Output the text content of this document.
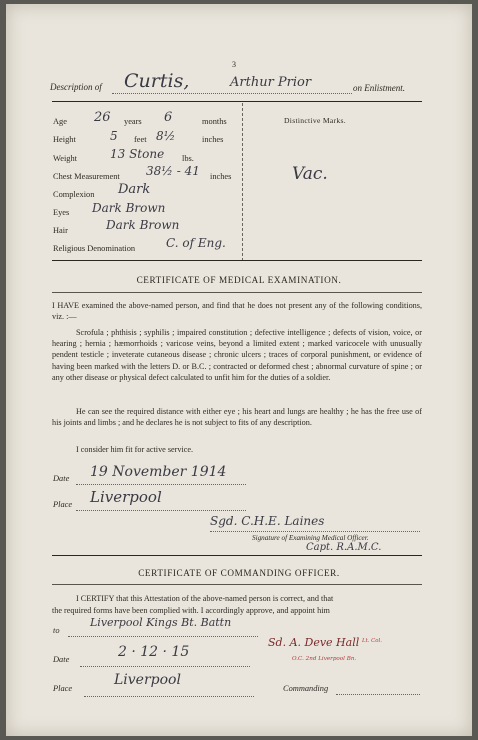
3
Description of Curtis,	Arthur Prior	on Enlistment.
Age 26 years 6	months
Height	5 feet 8½	inches
Weight	13 Stone lbs.
Chest Measurement 38½ - 41 inches
Complexion Dark
Eyes Dark Brown
Hair	Dark Brown
Religious Denomination	C. of Eng.
Distinctive Marks.
Vac.
CERTIFICATE OF MEDICAL EXAMINATION.
I HAVE examined the above-named person, and find that he does not present any of the following conditions, viz. :—
Scrofula ; phthisis ; syphilis ; impaired constitution ; defective intelligence ; defects of vision, voice, or hearing ; hernia ; hæmorrhoids ; varicose veins, beyond a limited extent ; marked varicocele with unusually pendent testicle ; inveterate cutaneous disease ; chronic ulcers ; traces of corporal punishment, or evidence of having been marked with the letters D. or B.C. ; contracted or deformed chest ; abnormal curvature of spine ; or any other disease or physical defect calculated to unfit him for the duties of a soldier.
He can see the required distance with either eye ; his heart and lungs are healthy ; he has the free use of his joints and limbs ; and he declares he is not subject to fits of any description.
I consider him fit for active service.
Date 19 November 1914
Place Liverpool
Sgd. C.H.E. Laines
Signature of Examining Medical Officer.
Capt. R.A.M.C.
CERTIFICATE OF COMMANDING OFFICER.
I CERTIFY that this Attestation of the above-named person is correct, and that
the required forms have been complied with. I accordingly approve, and appoint him
to
Liverpool Kings Bt. Battn
Sd. A. Deve Hall Lt. Col.
O.C. 2nd Liverpool Bn.
Date	2 · 12 · 15
Place
Liverpool
Commanding
